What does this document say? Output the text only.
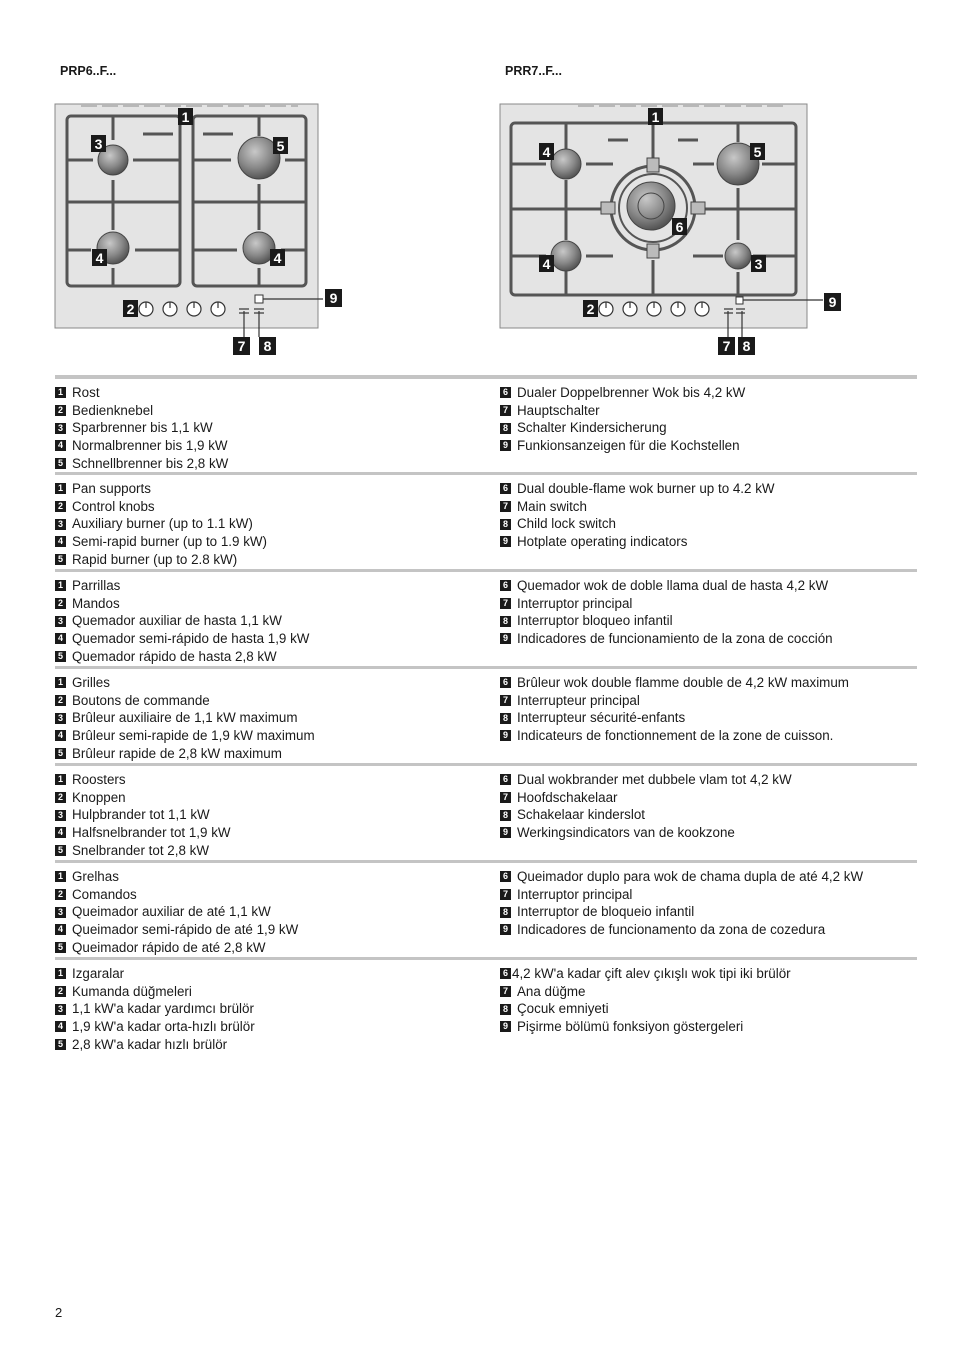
PRP6..F...	PRR7..F...
1
3	5
4	4
2
9
7 8
1
4	5
6
4	3
2	9
7 8
1 Rost
2 Bedienknebel
3 Sparbrenner bis 1,1 kW
4 Normalbrenner bis 1,9 kW
5 Schnellbrenner bis 2,8 kW
6 Dualer Doppelbrenner Wok bis 4,2 kW
7 Hauptschalter
8 Schalter Kindersicherung
9 Funkionsanzeigen für die Kochstellen
1 Pan supports
2 Control knobs
3 Auxiliary burner (up to 1.1 kW)
4 Semi-rapid burner (up to 1.9 kW)
5 Rapid burner (up to 2.8 kW)
6 Dual double-flame wok burner up to 4.2 kW
7 Main switch
8 Child lock switch
9 Hotplate operating indicators
1 Parrillas
2 Mandos
3 Quemador auxiliar de hasta 1,1 kW
4 Quemador semi-rápido de hasta 1,9 kW
5 Quemador rápido de hasta 2,8 kW
6 Quemador wok de doble llama dual de hasta 4,2 kW
7 Interruptor principal
8 Interruptor bloqueo infantil
9 Indicadores de funcionamiento de la zona de cocción
1 Grilles
2 Boutons de commande
3 Brûleur auxiliaire de 1,1 kW maximum
4 Brûleur semi-rapide de 1,9 kW maximum
5 Brûleur rapide de 2,8 kW maximum
6 Brûleur wok double flamme double de 4,2 kW maximum
7 Interrupteur principal
8 Interrupteur sécurité-enfants
9 Indicateurs de fonctionnement de la zone de cuisson.
1 Roosters
2 Knoppen
3 Hulpbrander tot 1,1 kW
4 Halfsnelbrander tot 1,9 kW
5 Snelbrander tot 2,8 kW
6 Dual wokbrander met dubbele vlam tot 4,2 kW
7 Hoofdschakelaar
8 Schakelaar kinderslot
9 Werkingsindicators van de kookzone
1 Grelhas
2 Comandos
3 Queimador auxiliar de até 1,1 kW
4 Queimador semi-rápido de até 1,9 kW
5 Queimador rápido de até 2,8 kW
6 Queimador duplo para wok de chama dupla de até 4,2 kW
7 Interruptor principal
8 Interruptor de bloqueio infantil
9 Indicadores de funcionamento da zona de cozedura
1 Izgaralar
2 Kumanda düğmeleri
3 1,1 kW'a kadar yardımcı brülör
4 1,9 kW'a kadar orta-hızlı brülör
5 2,8 kW'a kadar hızlı brülör
6 4,2 kW'a kadar çift alev çıkışlı wok tipi iki brülör
7 Ana düğme
8 Çocuk emniyeti
9 Pişirme bölümü fonksiyon göstergeleri
2
